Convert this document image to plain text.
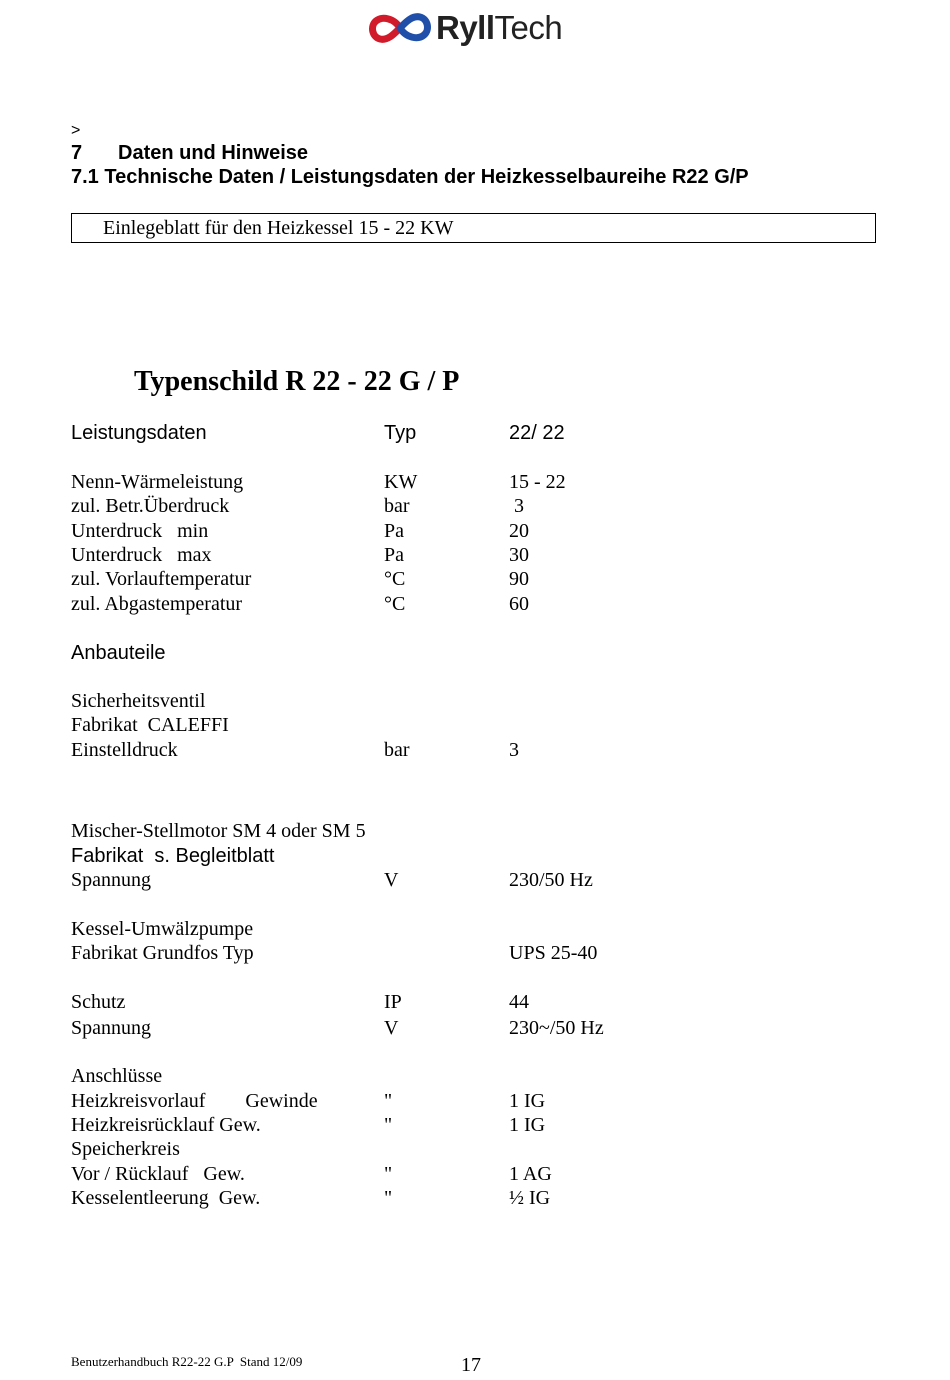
RyllTech
>
7 Daten und Hinweise
7.1 Technische Daten / Leistungsdaten der Heizkesselbaureihe R22 G/P
Einlegeblatt für den Heizkessel 15 - 22 KW
Typenschild R 22 - 22 G / P
Leistungsdaten	Typ	22/ 22
Nenn-Wärmeleistung	KW	15 - 22
zul. Betr.Überdruck	bar	3
Unterdruck   min	Pa	20
Unterdruck   max	Pa	30
zul. Vorlauftemperatur	°C	90
zul. Abgastemperatur	°C	60
Anbauteile
Sicherheitsventil
Fabrikat  CALEFFI
Einstelldruck	bar	3
Mischer-Stellmotor SM 4 oder SM 5
Fabrikat  s. Begleitblatt
Spannung	V	230/50 Hz
Kessel-Umwälzpumpe
Fabrikat Grundfos Typ	UPS 25-40
Schutz	IP	44
Spannung	V	230~/50 Hz
Anschlüsse
Heizkreisvorlauf        Gewinde	"	1 IG
Heizkreisrücklauf Gew.	"	1 IG
Speicherkreis
Vor / Rücklauf   Gew.	"	1 AG
Kesselentleerung  Gew.	"	½ IG
Benutzerhandbuch R22-22 G.P  Stand 12/09	17
